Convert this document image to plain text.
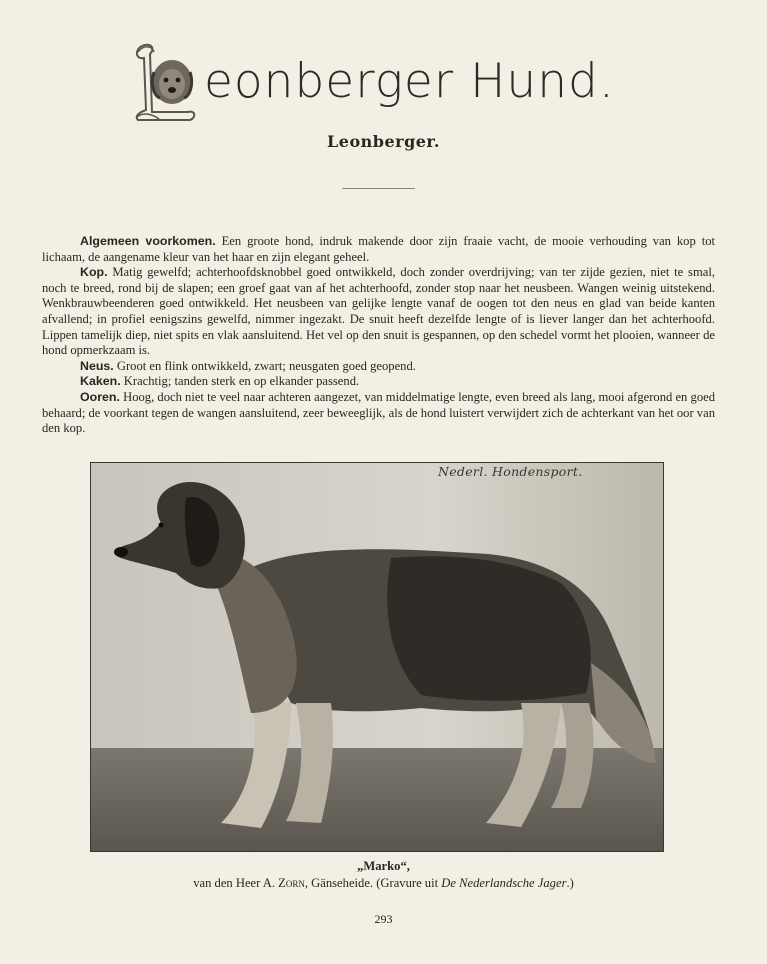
L
eonberger Hund.
Leonberger.

Algemeen voorkomen. Een groote hond, indruk makende door zijn fraaie vacht, de mooie verhouding van kop tot lichaam, de aangename kleur van het haar en zijn elegant geheel.

Kop. Matig gewelfd; achterhoofdsknobbel goed ontwikkeld, doch zonder overdrijving; van ter zijde gezien, niet te smal, noch te breed, rond bij de slapen; een groef gaat van af het achterhoofd, zonder stop naar het neusbeen. Wangen weinig uitstekend. Wenkbrauwbeenderen goed ontwikkeld. Het neusbeen van gelijke lengte vanaf de oogen tot den neus en glad van beide kanten afvallend; in profiel eenigszins gewelfd, nimmer ingezakt. De snuit heeft dezelfde lengte of is liever langer dan het achterhoofd. Lippen tamelijk diep, niet spits en vlak aansluitend. Het vel op den snuit is gespannen, op den schedel vormt het plooien, wanneer de hond opmerkzaam is.

Neus. Groot en flink ontwikkeld, zwart; neusgaten goed geopend.

Kaken. Krachtig; tanden sterk en op elkander passend.

Ooren. Hoog, doch niet te veel naar achteren aangezet, van middelmatige lengte, even breed als lang, mooi afgerond en goed behaard; de voorkant tegen de wangen aansluitend, zeer beweeglijk, als de hond luistert verwijdert zich de achterkant van het oor van den kop.

Nederl. Hondensport.
„Marko“,
van den Heer A. Zorn, Gänseheide. (Gravure uit De Nederlandsche Jager.)
293
